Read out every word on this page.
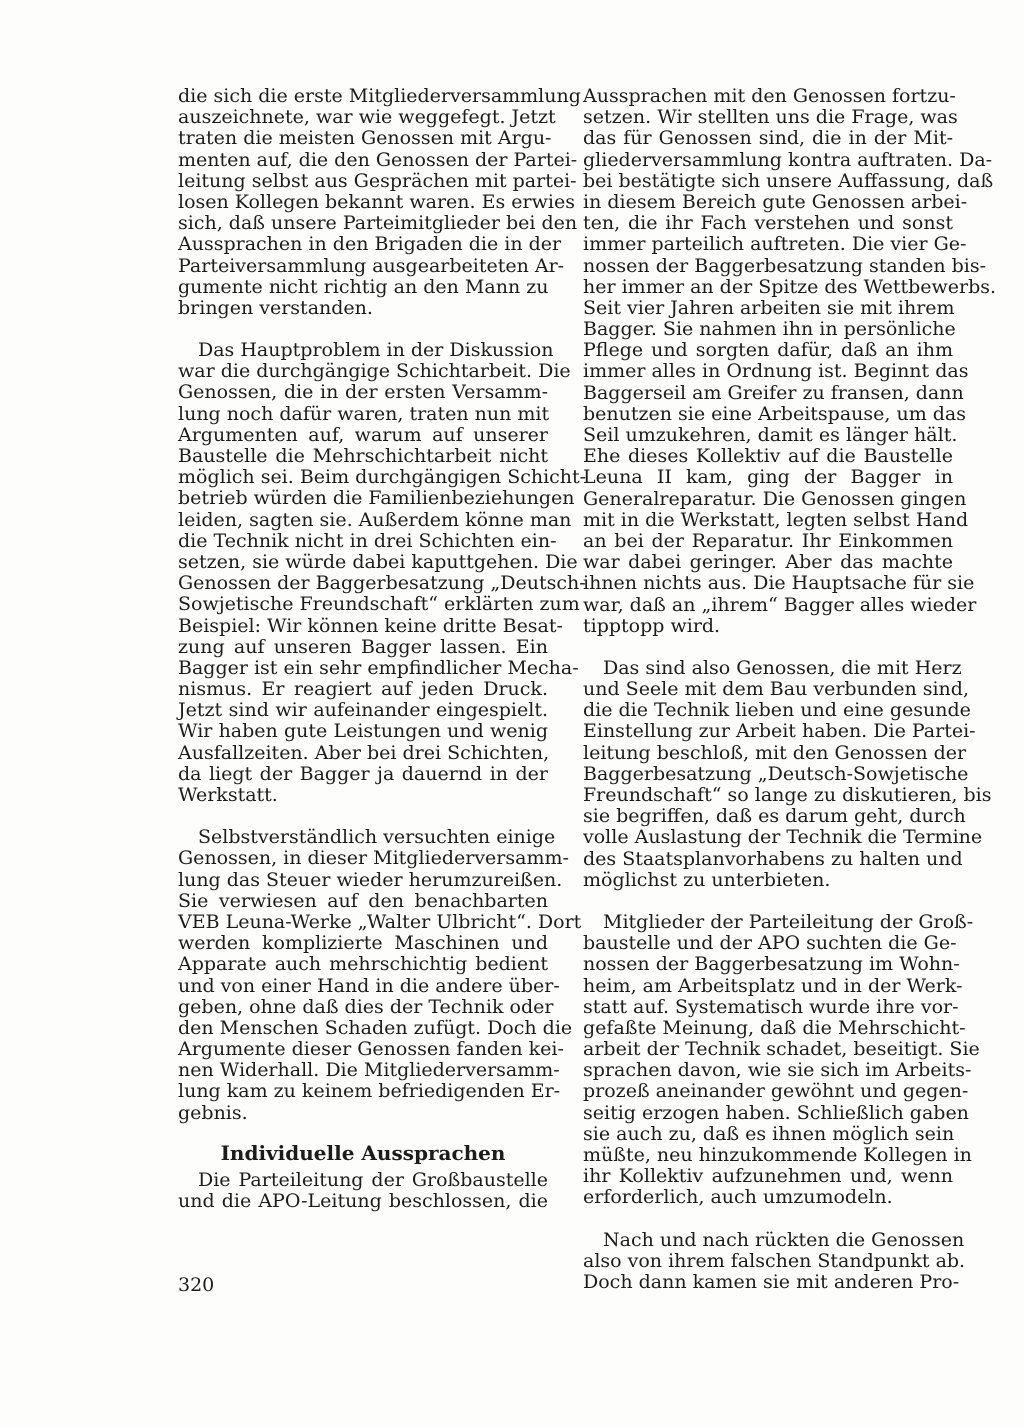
die sich die erste Mitgliederversammlung
auszeichnete, war wie weggefegt. Jetzt
traten die meisten Genossen mit Argu-
menten auf, die den Genossen der Partei-
leitung selbst aus Gesprächen mit partei-
losen Kollegen bekannt waren. Es erwies
sich, daß unsere Parteimitglieder bei den
Aussprachen in den Brigaden die in der
Parteiversammlung ausgearbeiteten Ar-
gumente nicht richtig an den Mann zu
bringen verstanden.
Das Hauptproblem in der Diskussion
war die durchgängige Schichtarbeit. Die
Genossen, die in der ersten Versamm-
lung noch dafür waren, traten nun mit
Argumenten auf, warum auf unserer
Baustelle die Mehrschichtarbeit nicht
möglich sei. Beim durchgängigen Schicht-
betrieb würden die Familienbeziehungen
leiden, sagten sie. Außerdem könne man
die Technik nicht in drei Schichten ein-
setzen, sie würde dabei kaputtgehen. Die
Genossen der Baggerbesatzung „Deutsch-
Sowjetische Freundschaft“ erklärten zum
Beispiel: Wir können keine dritte Besat-
zung auf unseren Bagger lassen. Ein
Bagger ist ein sehr empfindlicher Mecha-
nismus. Er reagiert auf jeden Druck.
Jetzt sind wir aufeinander eingespielt.
Wir haben gute Leistungen und wenig
Ausfallzeiten. Aber bei drei Schichten,
da liegt der Bagger ja dauernd in der
Werkstatt.
Selbstverständlich versuchten einige
Genossen, in dieser Mitgliederversamm-
lung das Steuer wieder herumzureißen.
Sie verwiesen auf den benachbarten
VEB Leuna-Werke „Walter Ulbricht“. Dort
werden komplizierte Maschinen und
Apparate auch mehrschichtig bedient
und von einer Hand in die andere über-
geben, ohne daß dies der Technik oder
den Menschen Schaden zufügt. Doch die
Argumente dieser Genossen fanden kei-
nen Widerhall. Die Mitgliederversamm-
lung kam zu keinem befriedigenden Er-
gebnis.
Individuelle Aussprachen
Die Parteileitung der Großbaustelle
und die APO-Leitung beschlossen, die
Aussprachen mit den Genossen fortzu-
setzen. Wir stellten uns die Frage, was
das für Genossen sind, die in der Mit-
gliederversammlung kontra auftraten. Da-
bei bestätigte sich unsere Auffassung, daß
in diesem Bereich gute Genossen arbei-
ten, die ihr Fach verstehen und sonst
immer parteilich auftreten. Die vier Ge-
nossen der Baggerbesatzung standen bis-
her immer an der Spitze des Wettbewerbs.
Seit vier Jahren arbeiten sie mit ihrem
Bagger. Sie nahmen ihn in persönliche
Pflege und sorgten dafür, daß an ihm
immer alles in Ordnung ist. Beginnt das
Baggerseil am Greifer zu fransen, dann
benutzen sie eine Arbeitspause, um das
Seil umzukehren, damit es länger hält.
Ehe dieses Kollektiv auf die Baustelle
Leuna II kam, ging der Bagger in
Generalreparatur. Die Genossen gingen
mit in die Werkstatt, legten selbst Hand
an bei der Reparatur. Ihr Einkommen
war dabei geringer. Aber das machte
ihnen nichts aus. Die Hauptsache für sie
war, daß an „ihrem“ Bagger alles wieder
tipptopp wird.
Das sind also Genossen, die mit Herz
und Seele mit dem Bau verbunden sind,
die die Technik lieben und eine gesunde
Einstellung zur Arbeit haben. Die Partei-
leitung beschloß, mit den Genossen der
Baggerbesatzung „Deutsch-Sowjetische
Freundschaft“ so lange zu diskutieren, bis
sie begriffen, daß es darum geht, durch
volle Auslastung der Technik die Termine
des Staatsplanvorhabens zu halten und
möglichst zu unterbieten.
Mitglieder der Parteileitung der Groß-
baustelle und der APO suchten die Ge-
nossen der Baggerbesatzung im Wohn-
heim, am Arbeitsplatz und in der Werk-
statt auf. Systematisch wurde ihre vor-
gefaßte Meinung, daß die Mehrschicht-
arbeit der Technik schadet, beseitigt. Sie
sprachen davon, wie sie sich im Arbeits-
prozeß aneinander gewöhnt und gegen-
seitig erzogen haben. Schließlich gaben
sie auch zu, daß es ihnen möglich sein
müßte, neu hinzukommende Kollegen in
ihr Kollektiv aufzunehmen und, wenn
erforderlich, auch umzumodeln.
Nach und nach rückten die Genossen
also von ihrem falschen Standpunkt ab.
Doch dann kamen sie mit anderen Pro-
320
